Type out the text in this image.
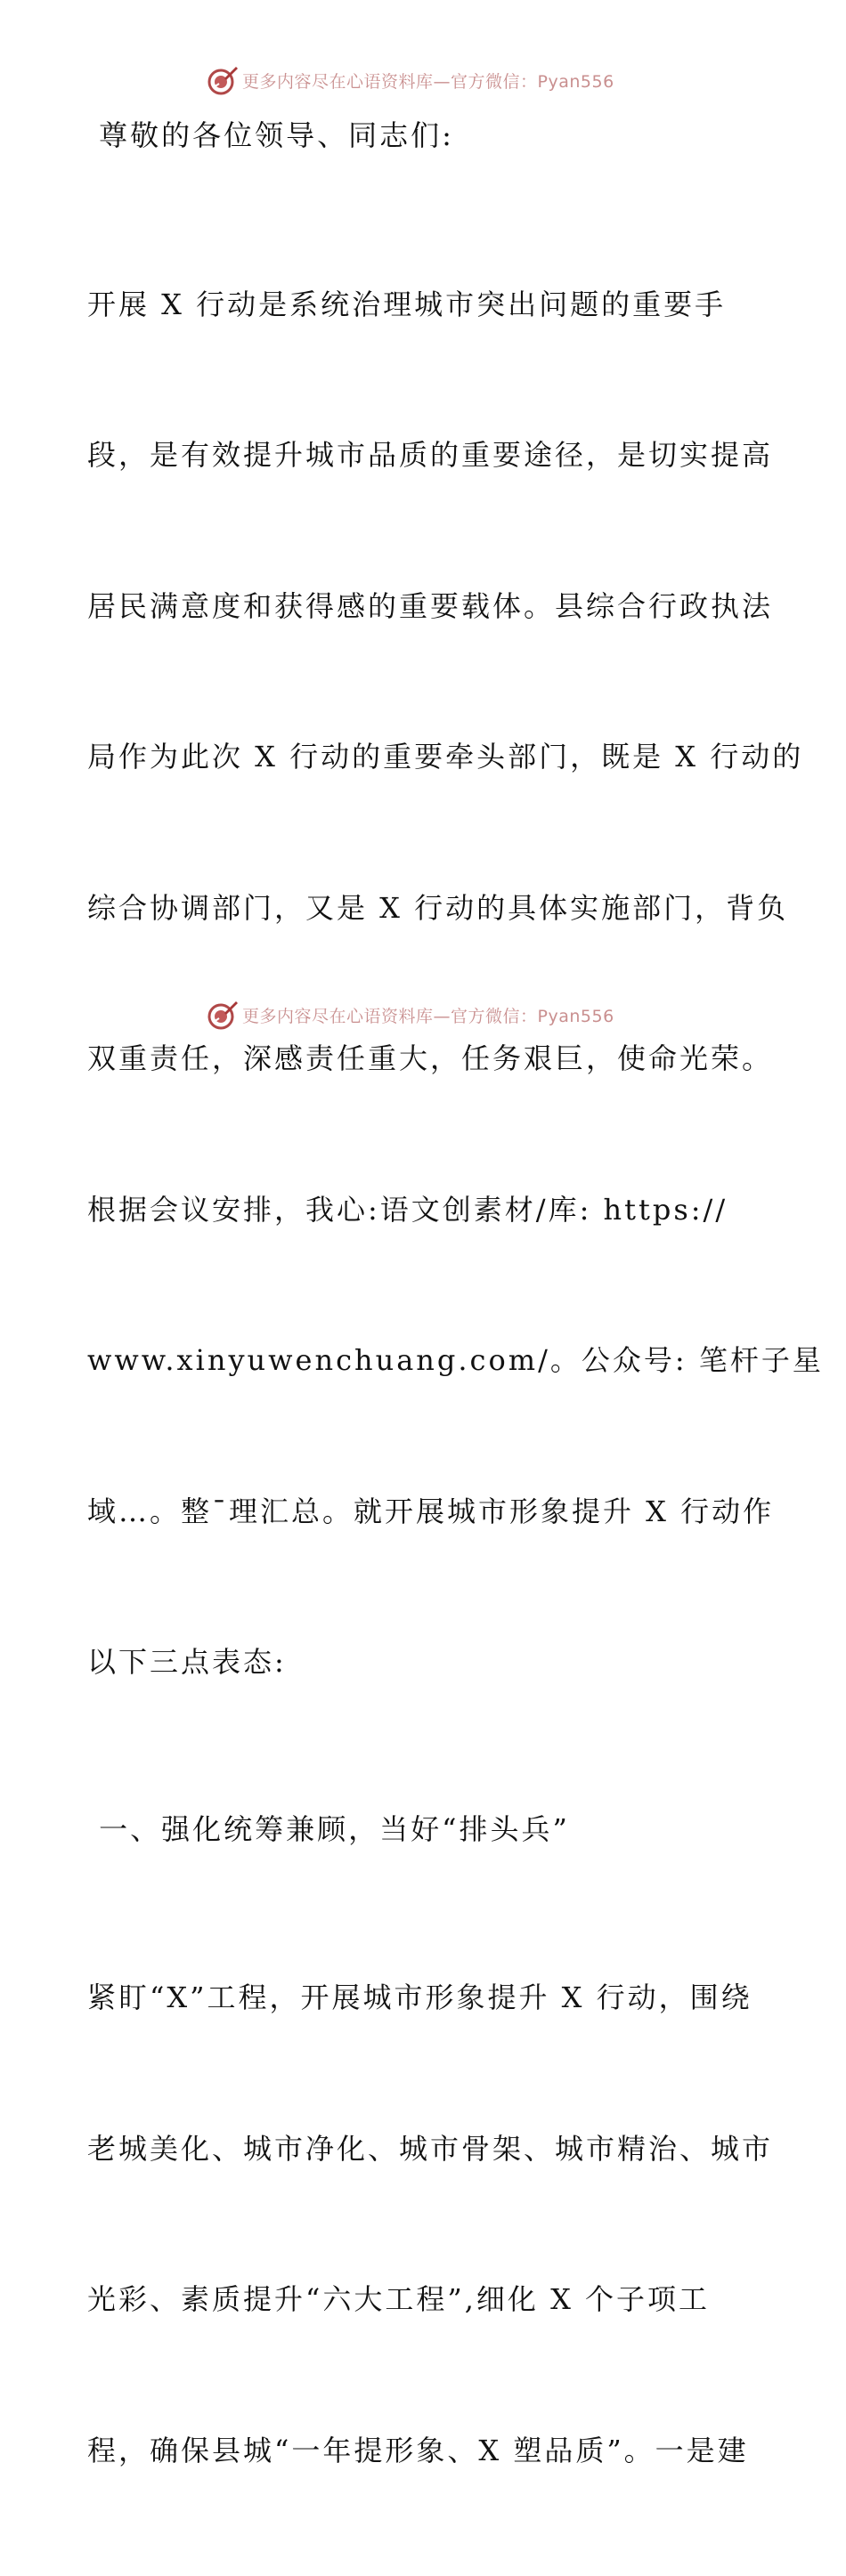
更多内容尽在心语资料库—官方微信：Pyan556

尊敬的各位领导、同志们:

开展 X 行动是系统治理城市突出问题的重要手

段，是有效提升城市品质的重要途径，是切实提高

居民满意度和获得感的重要载体。县综合行政执法

局作为此次 X 行动的重要牵头部门，既是 X 行动的

综合协调部门，又是 X 行动的具体实施部门，背负

双重责任，深感责任重大，任务艰巨，使命光荣。

根据会议安排，我心:语文创素材/库: https://

www.xinyuwenchuang.com/。公众号: 笔杆子星

域…。整¯理汇总。就开展城市形象提升 X 行动作

以下三点表态:

一、强化统筹兼顾，当好“排头兵”

紧盯“X”工程，开展城市形象提升 X 行动，围绕

老城美化、城市净化、城市骨架、城市精治、城市

光彩、素质提升“六大工程”,细化 X 个子项工

程，确保县城“一年提形象、X 塑品质”。一是建

更多内容尽在心语资料库—官方微信：Pyan556
